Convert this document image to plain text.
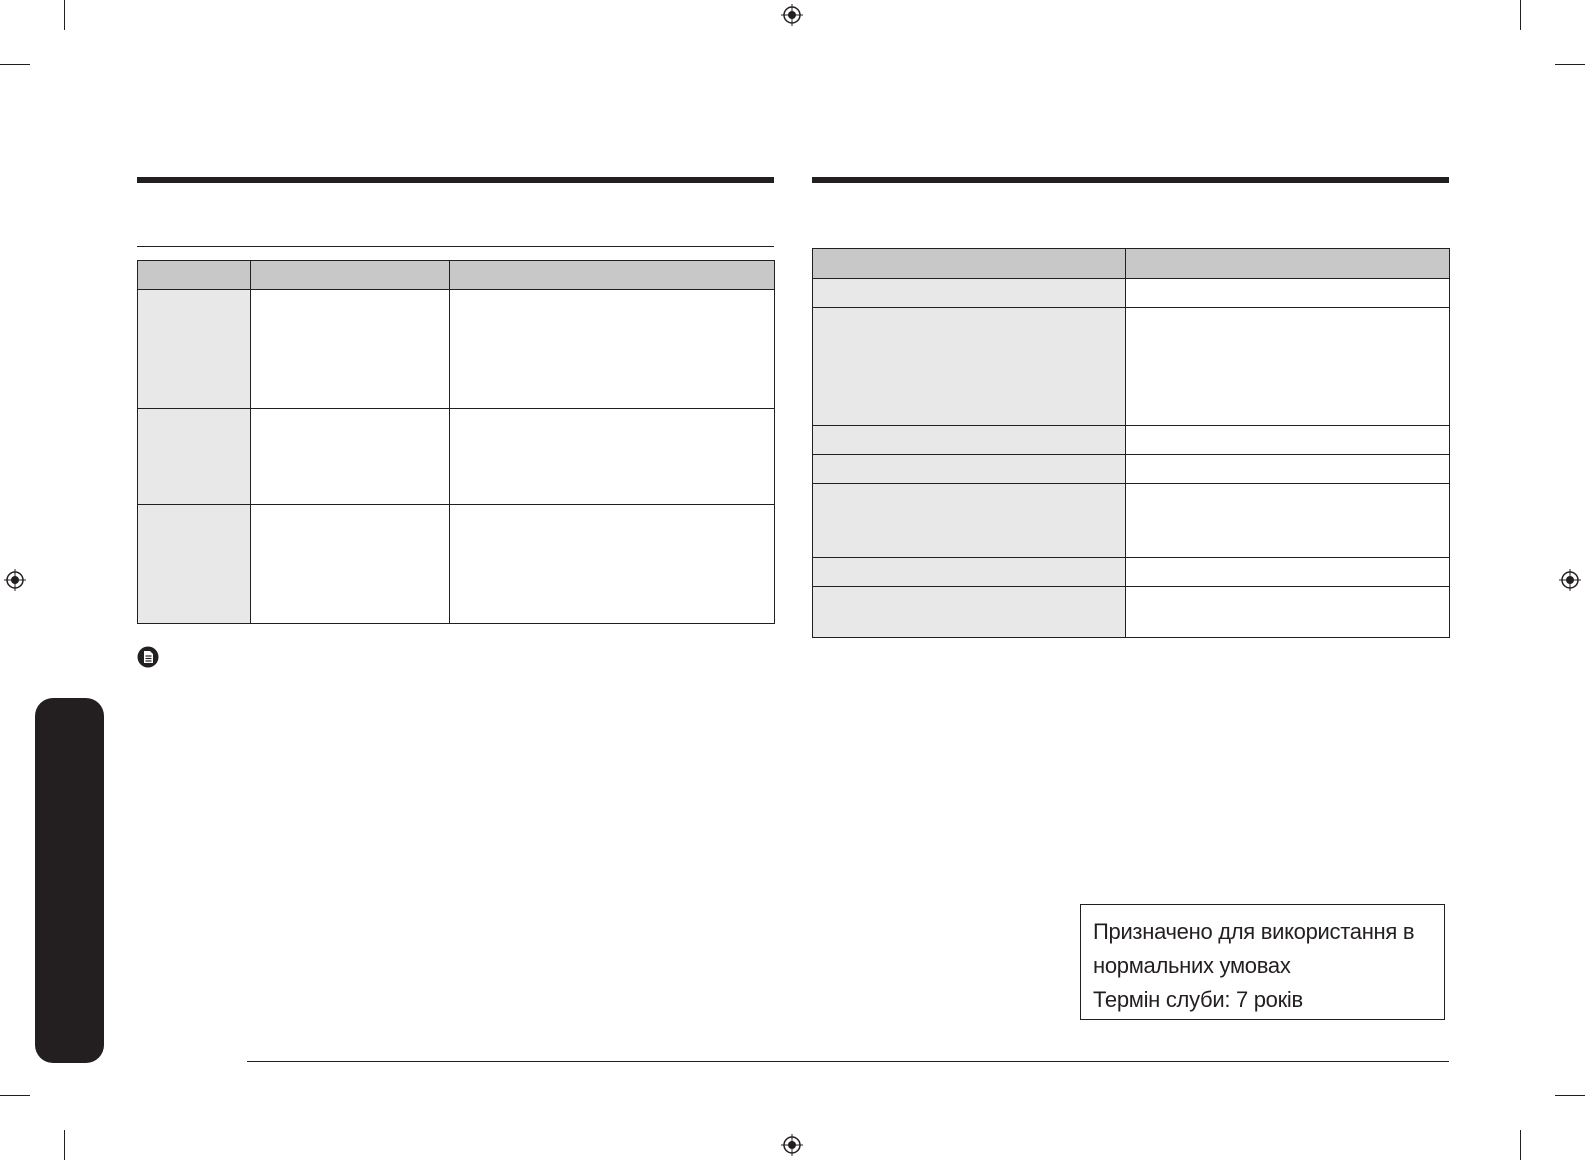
Призначено для використання в
нормальних умовах
Термін слуби: 7 років
